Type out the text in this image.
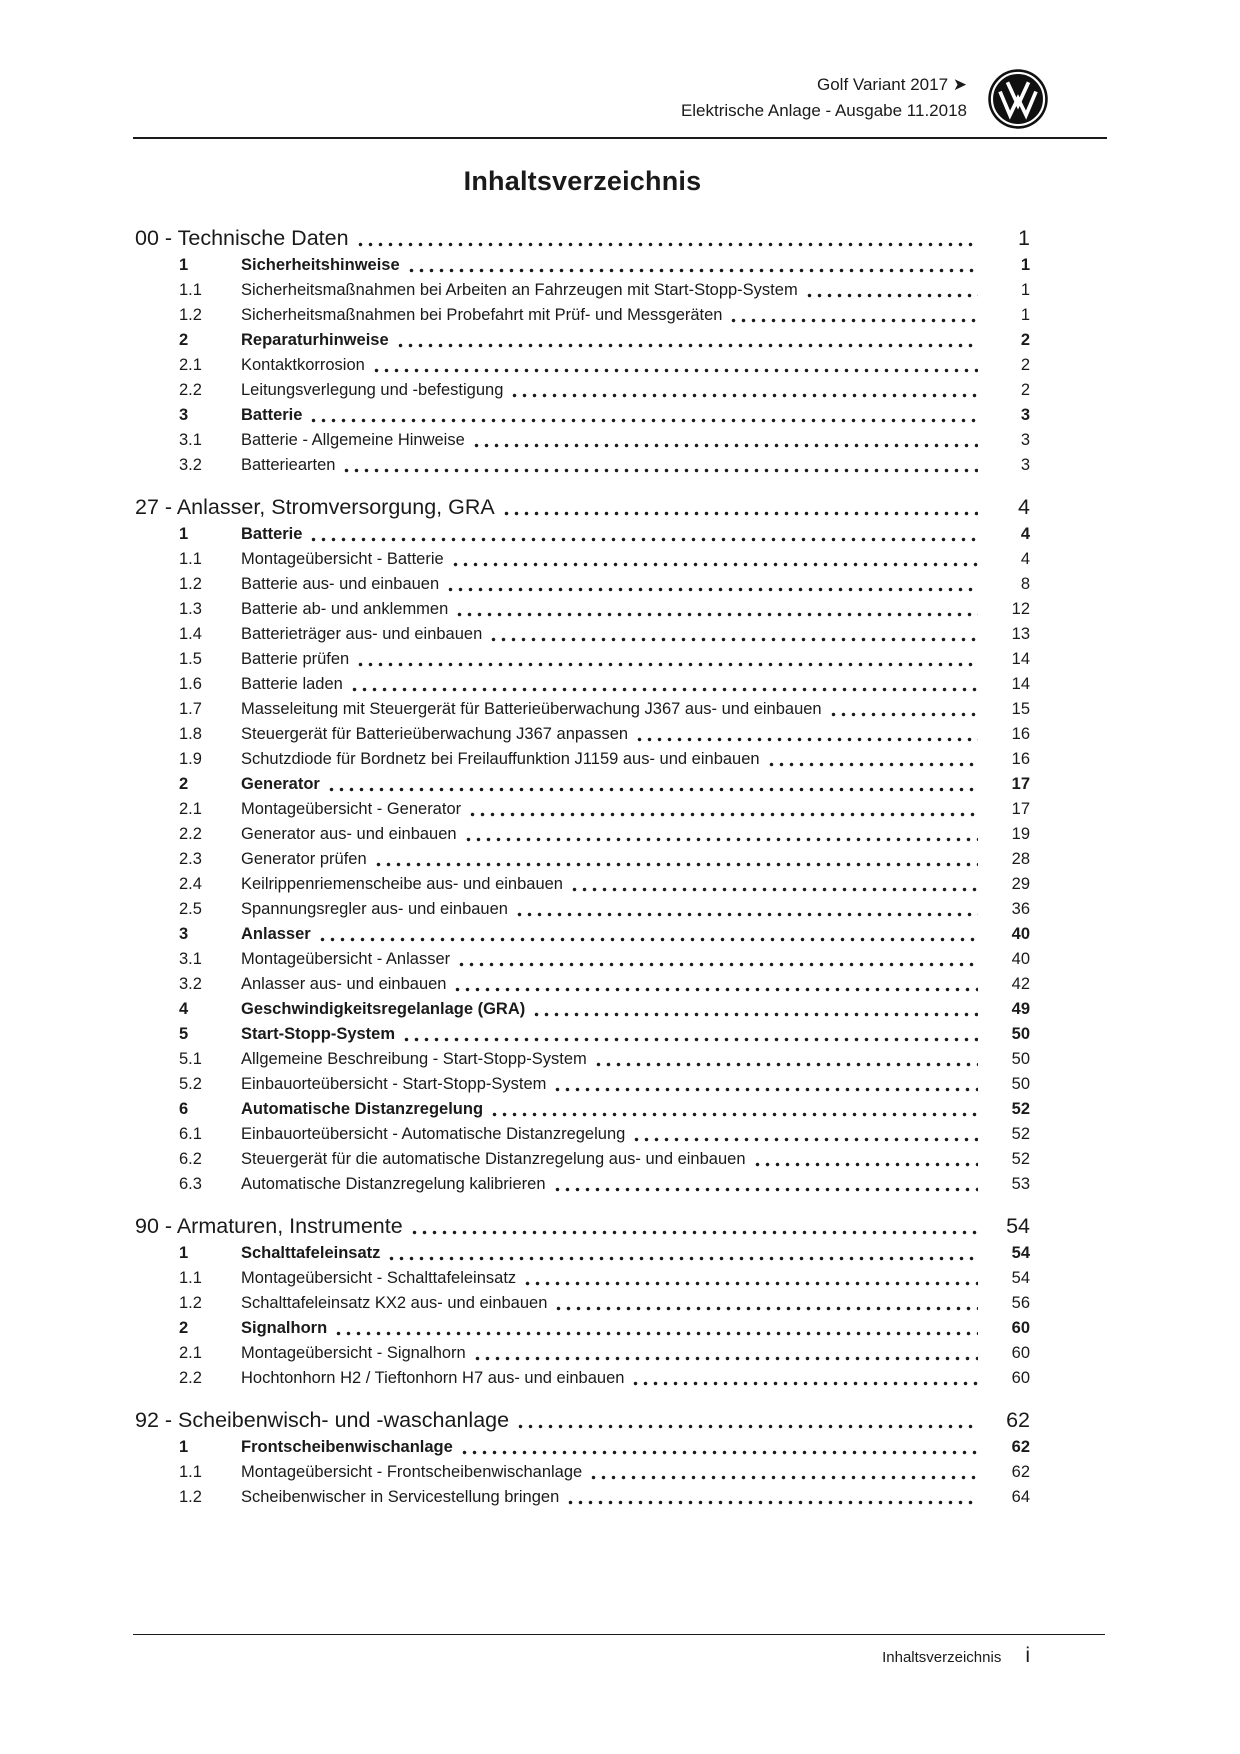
Golf Variant 2017 ➤
Elektrische Anlage - Ausgabe 11.2018
Inhaltsverzeichnis
00 - Technische Daten	1
1	Sicherheitshinweise	1
1.1	Sicherheitsmaßnahmen bei Arbeiten an Fahrzeugen mit Start-Stopp-System	1
1.2	Sicherheitsmaßnahmen bei Probefahrt mit Prüf- und Messgeräten	1
2	Reparaturhinweise	2
2.1	Kontaktkorrosion	2
2.2	Leitungsverlegung und -befestigung	2
3	Batterie	3
3.1	Batterie - Allgemeine Hinweise	3
3.2	Batteriearten	3
27 - Anlasser, Stromversorgung, GRA	4
1	Batterie	4
1.1	Montageübersicht - Batterie	4
1.2	Batterie aus- und einbauen	8
1.3	Batterie ab- und anklemmen	12
1.4	Batterieträger aus- und einbauen	13
1.5	Batterie prüfen	14
1.6	Batterie laden	14
1.7	Masseleitung mit Steuergerät für Batterieüberwachung J367 aus- und einbauen	15
1.8	Steuergerät für Batterieüberwachung J367 anpassen	16
1.9	Schutzdiode für Bordnetz bei Freilauffunktion J1159 aus- und einbauen	16
2	Generator	17
2.1	Montageübersicht - Generator	17
2.2	Generator aus- und einbauen	19
2.3	Generator prüfen	28
2.4	Keilrippenriemenscheibe aus- und einbauen	29
2.5	Spannungsregler aus- und einbauen	36
3	Anlasser	40
3.1	Montageübersicht - Anlasser	40
3.2	Anlasser aus- und einbauen	42
4	Geschwindigkeitsregelanlage (GRA)	49
5	Start-Stopp-System	50
5.1	Allgemeine Beschreibung - Start-Stopp-System	50
5.2	Einbauorteübersicht - Start-Stopp-System	50
6	Automatische Distanzregelung	52
6.1	Einbauorteübersicht - Automatische Distanzregelung	52
6.2	Steuergerät für die automatische Distanzregelung aus- und einbauen	52
6.3	Automatische Distanzregelung kalibrieren	53
90 - Armaturen, Instrumente	54
1	Schalttafeleinsatz	54
1.1	Montageübersicht - Schalttafeleinsatz	54
1.2	Schalttafeleinsatz KX2 aus- und einbauen	56
2	Signalhorn	60
2.1	Montageübersicht - Signalhorn	60
2.2	Hochtonhorn H2 / Tieftonhorn H7 aus- und einbauen	60
92 - Scheibenwisch- und -waschanlage	62
1	Frontscheibenwischanlage	62
1.1	Montageübersicht - Frontscheibenwischanlage	62
1.2	Scheibenwischer in Servicestellung bringen	64
Inhaltsverzeichnis i
